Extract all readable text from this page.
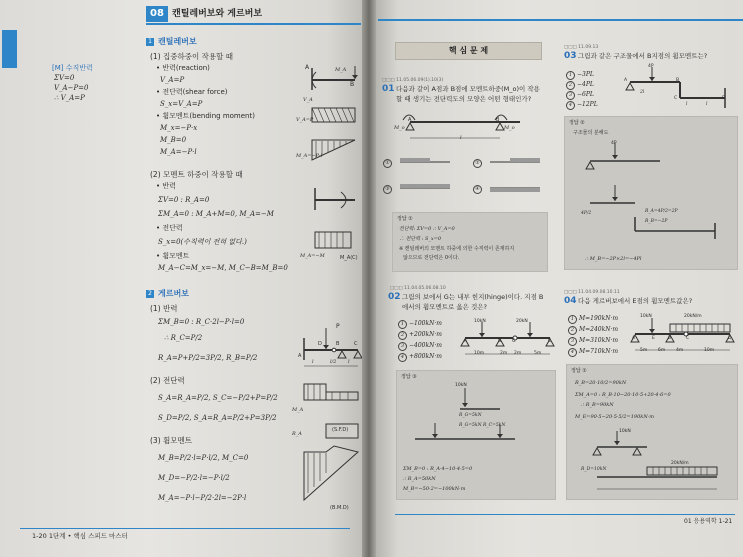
08 캔틸레버보와 게르버보
[M] 수직반력
ΣV=0
V_A−P=0
∴ V_A=P
1 캔틸레버보
(1) 집중하중이 작용할 때
• 반력(reaction)
V_A=P
• 전단력(shear force)
S_x=V_A=P
• 휨모멘트(bending moment)
M_x=−P·x
M_B=0
M_A=−P·l
(2) 모멘트 하중이 작용할 때
• 반력
ΣV=0 : R_A=0
ΣM_A=0 : M_A+M=0, M_A=−M
• 전단력
S_x=0(수직력이 전혀 없다.)
• 휨모멘트
M_A−C=M_x=−M, M_C−B=M_B=0
2 게르버보
(1) 반력
ΣM_B=0 : R_C·2l−P·l=0
∴ R_C=P/2
R_A=P+P/2=3P/2, R_B=P/2
(2) 전단력
S_A=R_A=P/2, S_C=−P/2+P=P/2
S_D=P/2, S_A=R_A=P/2+P=3P/2
(3) 휨모멘트
M_B=P/2·l=P·l/2, M_C=0
M_D=−P/2·l=−P·l/2
M_A=−P·l−P/2·2l=−2P·l
A
B
V_A
M_A
V_A=P
M_A=−P·l
M_A=−M	M_A(C)
P
A
B
D	C
l	l/2 l
M_A
R_A
(S.F.D)
(B.M.D)
1-20 1단계 • 핵심 스피드 마스터
핵 심 문 제
□□□ 11.05.06.09(1).10(3)
01 다음과 같이 A점과 B점에 모멘트하중(M_o)이 작용
할 때 생기는 전단력도의 모양은 어떤 형태인가?
M_o
A	B
M_o
l
①	②
③	④
정답 ①
전단력: ΣV=0 ∴ V_A=0
∴ 전단력 : S_x=0
※ 캔틸레버의 모멘트 하중에 의한 수직력이 존재하지
않으므로 전단력은 0이다.
□□□ 11.04.05.06.08.10
02 그림의 보에서 G는 내부 힌지(hinge)이다. 지점 B
에서의 휨모멘트로 옳은 것은?
1 −100kN·m
2 +200kN·m
3 −400kN·m
4 +800kN·m
10kN	20kN
A	B G	C
10m	2m 2m	5m
정답 ③
10kN
R_G=5kN
R_G=5kN R_C=5kN
ΣM_B=0 : R_A·4−10·4·5=0
∴ R_A=50kN
M_B=−50·2=−100kN·m
□□□ 11.09.13
03 그림과 같은 구조물에서 B지점의 휨모멘트는?
1 −3PL
2 −4PL
3 −6PL
4 −12PL
4P
A	B
C	D
2l
l	l
정답 ②
구조물의 분해도
4P
4P/2	R_A=4P/2=2P
R_B=−2P
∴ M_B=−2P×2l=−4Pl
□□□ 11.04.09.08.10.11
04 다음 게르버보에서 E점의 휨모멘트값은?
1 M=190kN·m
2 M=240kN·m
3 M=310kN·m
4 M=710kN·m
10kN	20kN/m
A	B
E	C	D
5m 6m 4m	10m
정답 ①
R_B=20·10/2=90kN
ΣM_A=0 : R_B·10−20·10·5+20·4·6=0
∴ R_B=90kN
M_E=90·5−20·5·5/2=190kN·m
10kN
20kN/m
R_D=10kN
01 응용역학 1-21
